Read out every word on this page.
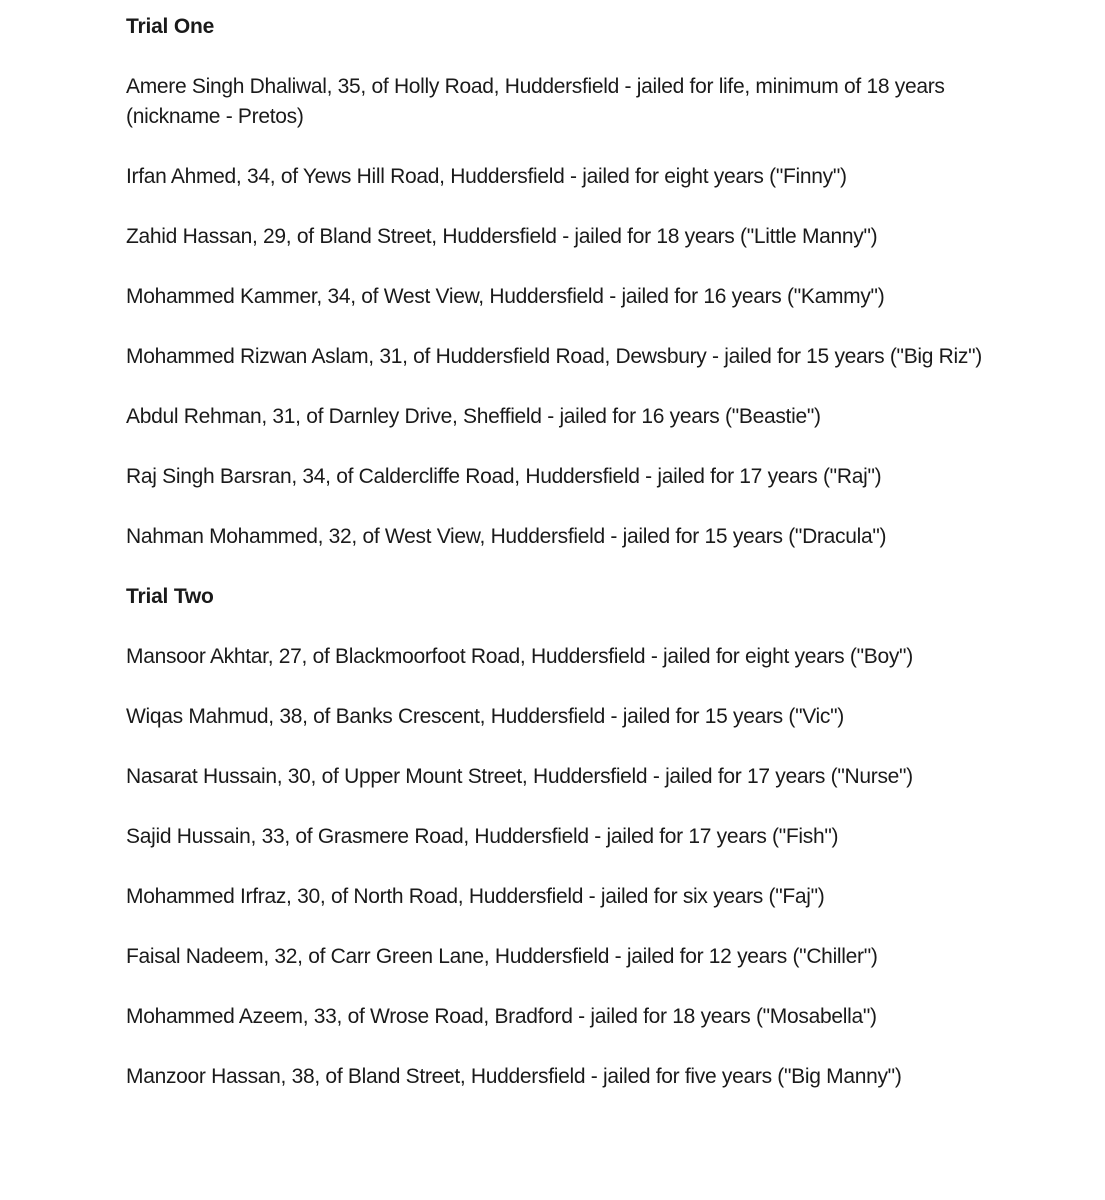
Trial One

Amere Singh Dhaliwal, 35, of Holly Road, Huddersfield - jailed for life, minimum of 18 years (nickname - Pretos)

Irfan Ahmed, 34, of Yews Hill Road, Huddersfield - jailed for eight years ("Finny")

Zahid Hassan, 29, of Bland Street, Huddersfield - jailed for 18 years ("Little Manny")

Mohammed Kammer, 34, of West View, Huddersfield - jailed for 16 years ("Kammy")

Mohammed Rizwan Aslam, 31, of Huddersfield Road, Dewsbury - jailed for 15 years ("Big Riz")

Abdul Rehman, 31, of Darnley Drive, Sheffield - jailed for 16 years ("Beastie")

Raj Singh Barsran, 34, of Caldercliffe Road, Huddersfield - jailed for 17 years ("Raj")

Nahman Mohammed, 32, of West View, Huddersfield - jailed for 15 years ("Dracula")

Trial Two

Mansoor Akhtar, 27, of Blackmoorfoot Road, Huddersfield - jailed for eight years ("Boy")

Wiqas Mahmud, 38, of Banks Crescent, Huddersfield - jailed for 15 years ("Vic")

Nasarat Hussain, 30, of Upper Mount Street, Huddersfield - jailed for 17 years ("Nurse")

Sajid Hussain, 33, of Grasmere Road, Huddersfield - jailed for 17 years ("Fish")

Mohammed Irfraz, 30, of North Road, Huddersfield - jailed for six years ("Faj")

Faisal Nadeem, 32, of Carr Green Lane, Huddersfield - jailed for 12 years ("Chiller")

Mohammed Azeem, 33, of Wrose Road, Bradford - jailed for 18 years ("Mosabella")

Manzoor Hassan, 38, of Bland Street, Huddersfield - jailed for five years ("Big Manny")
